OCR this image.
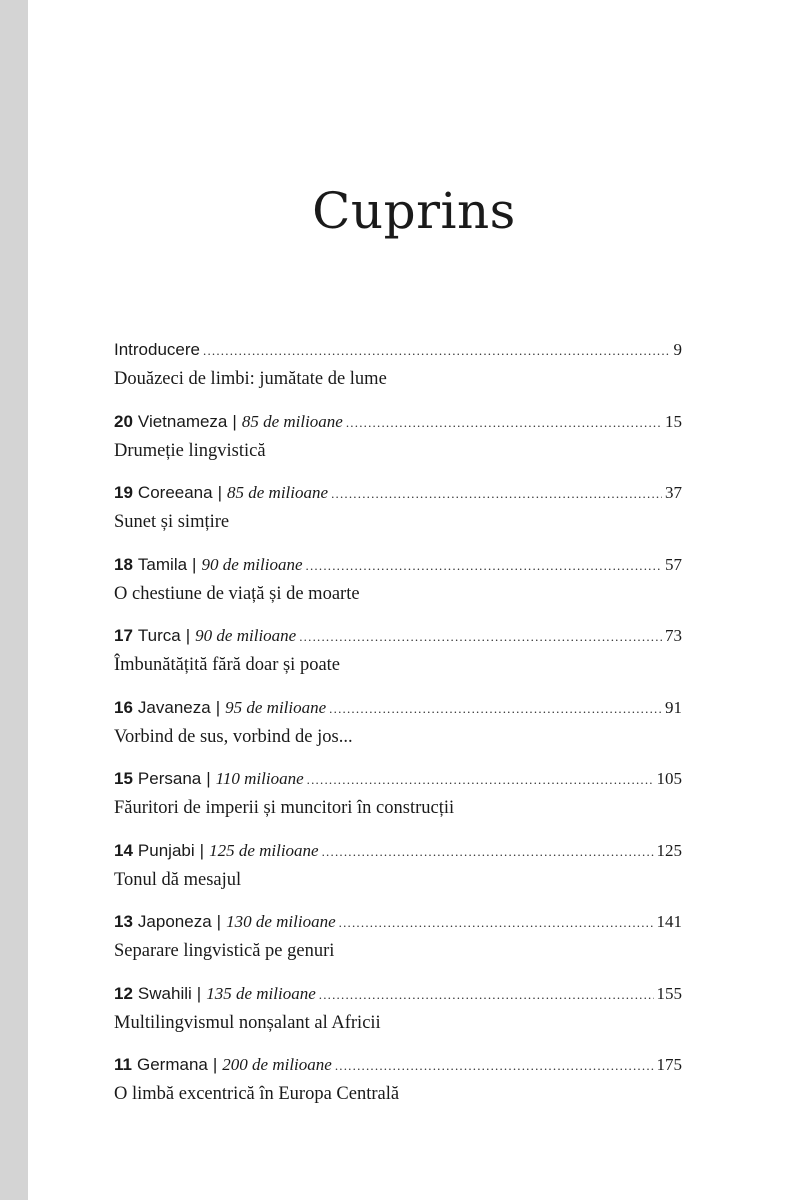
Cuprins
Introducere .....	9
Douăzeci de limbi: jumătate de lume
20 Vietnameza | 85 de milioane .....	15
Drumeție lingvistică
19 Coreeana | 85 de milioane .....	37
Sunet și simțire
18 Tamila | 90 de milioane .....	57
O chestiune de viață și de moarte
17 Turca | 90 de milioane .....	73
Îmbunătățită fără doar și poate
16 Javaneza | 95 de milioane .....	91
Vorbind de sus, vorbind de jos...
15 Persana | 110 milioane .....	105
Făuritori de imperii și muncitori în construcții
14 Punjabi | 125 de milioane .....	125
Tonul dă mesajul
13 Japoneza | 130 de milioane .....	141
Separare lingvistică pe genuri
12 Swahili | 135 de milioane .....	155
Multilingvismul nonșalant al Africii
11 Germana | 200 de milioane .....	175
O limbă excentrică în Europa Centrală
